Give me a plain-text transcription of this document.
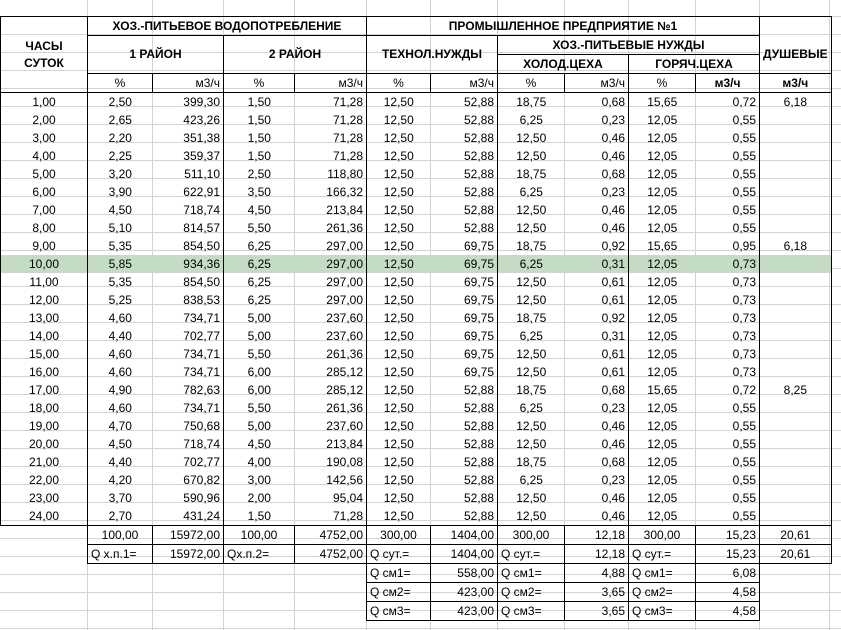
ЧАСЫ СУТОК	ХОЗ.-ПИТЬЕВОЕ ВОДОПОТРЕБЛЕНИЕ				ПРОМЫШЛЕННОЕ ПРЕДПРИЯТИЕ №1						
	1 РАЙОН		2 РАЙОН		ТЕХНОЛ.НУЖДЫ		ХОЗ.-ПИТЬЕВЫЕ НУЖДЫ				ДУШЕВЫЕ
							ХОЛОД.ЦЕХА		ГОРЯЧ.ЦЕХА		
	%	м3/ч	%	м3/ч	%	м3/ч	%	м3/ч	%	м3/ч	м3/ч
1,00	2,50	399,30	1,50	71,28	12,50	52,88	18,75	0,68	15,65	0,72	6,18
2,00	2,65	423,26	1,50	71,28	12,50	52,88	6,25	0,23	12,05	0,55	
3,00	2,20	351,38	1,50	71,28	12,50	52,88	12,50	0,46	12,05	0,55	
4,00	2,25	359,37	1,50	71,28	12,50	52,88	12,50	0,46	12,05	0,55	
5,00	3,20	511,10	2,50	118,80	12,50	52,88	18,75	0,68	12,05	0,55	
6,00	3,90	622,91	3,50	166,32	12,50	52,88	6,25	0,23	12,05	0,55	
7,00	4,50	718,74	4,50	213,84	12,50	52,88	12,50	0,46	12,05	0,55	
8,00	5,10	814,57	5,50	261,36	12,50	52,88	12,50	0,46	12,05	0,55	
9,00	5,35	854,50	6,25	297,00	12,50	69,75	18,75	0,92	15,65	0,95	6,18
10,00	5,85	934,36	6,25	297,00	12,50	69,75	6,25	0,31	12,05	0,73	
11,00	5,35	854,50	6,25	297,00	12,50	69,75	12,50	0,61	12,05	0,73	
12,00	5,25	838,53	6,25	297,00	12,50	69,75	12,50	0,61	12,05	0,73	
13,00	4,60	734,71	5,00	237,60	12,50	69,75	18,75	0,92	12,05	0,73	
14,00	4,40	702,77	5,00	237,60	12,50	69,75	6,25	0,31	12,05	0,73	
15,00	4,60	734,71	5,50	261,36	12,50	69,75	12,50	0,61	12,05	0,73	
16,00	4,60	734,71	6,00	285,12	12,50	69,75	12,50	0,61	12,05	0,73	
17,00	4,90	782,63	6,00	285,12	12,50	52,88	18,75	0,68	15,65	0,72	8,25
18,00	4,60	734,71	5,50	261,36	12,50	52,88	6,25	0,23	12,05	0,55	
19,00	4,70	750,68	5,00	237,60	12,50	52,88	12,50	0,46	12,05	0,55	
20,00	4,50	718,74	4,50	213,84	12,50	52,88	12,50	0,46	12,05	0,55	
21,00	4,40	702,77	4,00	190,08	12,50	52,88	18,75	0,68	12,05	0,55	
22,00	4,20	670,82	3,00	142,56	12,50	52,88	6,25	0,23	12,05	0,55	
23,00	3,70	590,96	2,00	95,04	12,50	52,88	12,50	0,46	12,05	0,55	
24,00	2,70	431,24	1,50	71,28	12,50	52,88	12,50	0,46	12,05	0,55	
	100,00	15972,00	100,00	4752,00	300,00	1404,00	300,00	12,18	300,00	15,23	20,61
	Q х.п.1=	15972,00	Qх.п.2=	4752,00	Q сут.=	1404,00	Q сут.=	12,18	Q сут.=	15,23	20,61
					Q см1=	558,00	Q см1=	4,88	Q см1=	6,08	
					Q см2=	423,00	Q см2=	3,65	Q см2=	4,58	
					Q см3=	423,00	Q см3=	3,65	Q см3=	4,58	
